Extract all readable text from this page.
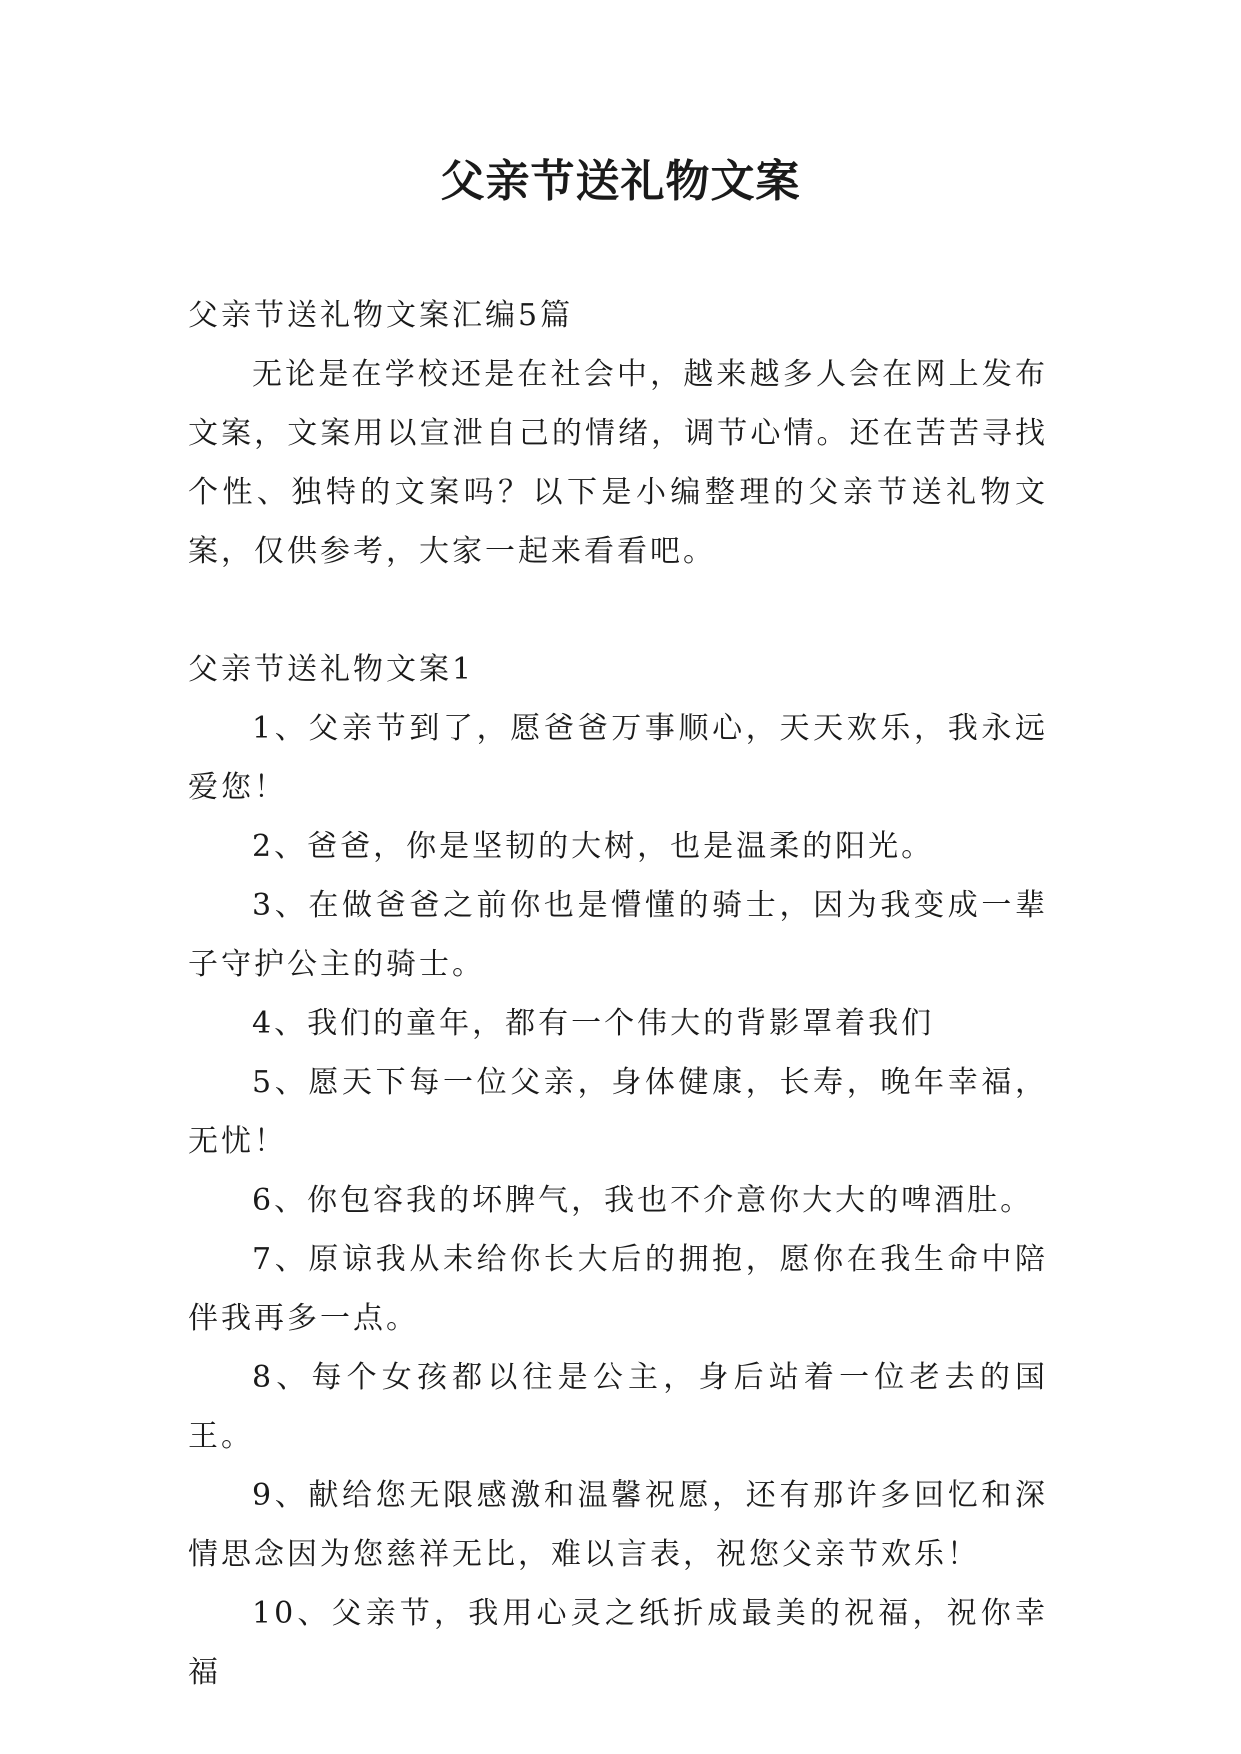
父亲节送礼物文案

父亲节送礼物文案汇编5篇

无论是在学校还是在社会中，越来越多人会在网上发布文案，文案用以宣泄自己的情绪，调节心情。还在苦苦寻找个性、独特的文案吗？以下是小编整理的父亲节送礼物文案，仅供参考，大家一起来看看吧。

父亲节送礼物文案1

1、父亲节到了，愿爸爸万事顺心，天天欢乐，我永远爱您！

2、爸爸，你是坚韧的大树，也是温柔的阳光。

3、在做爸爸之前你也是懵懂的骑士，因为我变成一辈子守护公主的骑士。

4、我们的童年，都有一个伟大的背影罩着我们

5、愿天下每一位父亲，身体健康，长寿，晚年幸福，无忧！

6、你包容我的坏脾气，我也不介意你大大的啤酒肚。

7、原谅我从未给你长大后的拥抱，愿你在我生命中陪伴我再多一点。

8、每个女孩都以往是公主，身后站着一位老去的国王。

9、献给您无限感激和温馨祝愿，还有那许多回忆和深情思念因为您慈祥无比，难以言表，祝您父亲节欢乐！

10、父亲节，我用心灵之纸折成最美的祝福，祝你幸福
